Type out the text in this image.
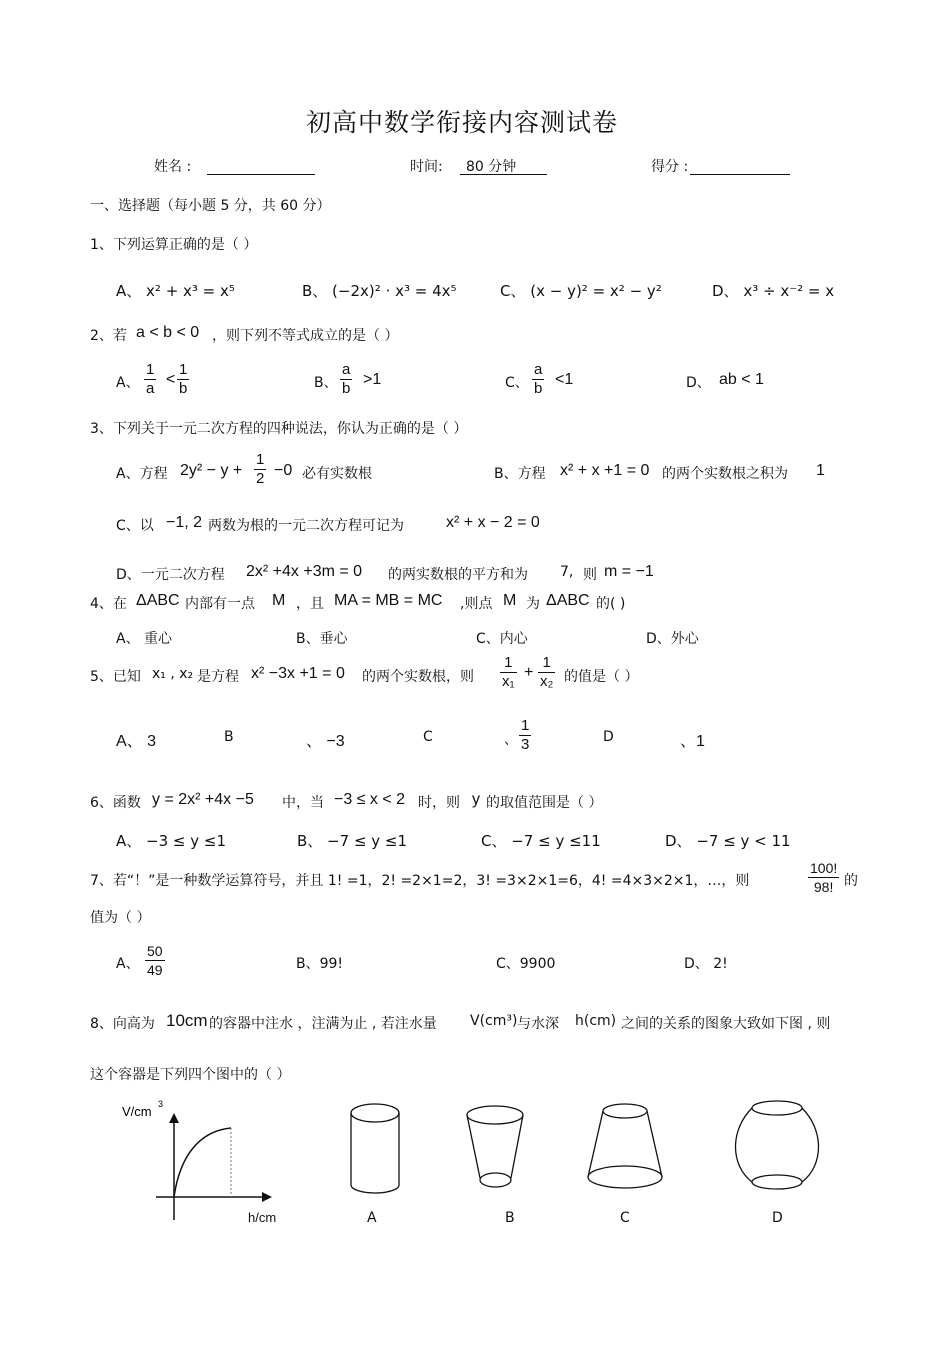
初高中数学衔接内容测试卷
姓名 :	时间: 80 分钟	得分 :
一、选择题（每小题 5 分，共 60 分）
1、下列运算正确的是（ ）
A、 x² + x³ = x⁵	B、 (−2x)² · x³ = 4x⁵	C、 (x − y)² = x² − y²	D、 x³ ÷ x⁻² = x
2、若 a < b < 0 ，则下列不等式成立的是（ ）
A、 $\frac{1}{a} < \frac{1}{b}$	B、 $\frac{a}{b} >1$	C、 $\frac{a}{b} <1$	D、 ab < 1
3、下列关于一元二次方程的四种说法，你认为正确的是（ ）
A、方程 $2y^2 - y + \frac{1}{2} -0$ 必有实数根	B、方程 x² + x +1 = 0 的两个实数根之积为 1
C、以 −1, 2 两数为根的一元二次方程可记为	x² + x − 2 = 0
D、一元二次方程 2x² +4x +3m = 0 的两实数根的平方和为 7, 则 m = −1
4、在 ΔABC 内部有一点 M ，且 MA = MB = MC ,则点 M 为 ΔABC 的( )
A、 重心	B、垂心	C、内心	D、外心
5、已知 x₁ , x₂ 是方程 x² −3x +1 = 0 的两个实数根，则 $\frac{1}{\text{x₁}} + \frac{1}{\text{x₂}}$ 的值是（ ）
A、 3	B	、 −3	C	、 $\frac{1}{3}$	D	、1
6、函数 y = 2x² +4x −5 中，当 −3 ≤ x < 2 时，则 y 的取值范围是（ ）
A、 −3 ≤ y ≤1	B、 −7 ≤ y ≤1	C、 −7 ≤ y ≤11	D、 −7 ≤ y < 11
7、若“！”是一种数学运算符号，并且 1! =1，2! =2×1=2，3! =3×2×1=6，4! =4×3×2×1，…，则	$\frac{100!}{98!}$ 的
值为（ ）
A、 $\frac{50}{49}$	B、99!	C、9900	D、 2!
8、向高为 10cm 的容器中注水 ，注满为止 , 若注水量 V(cm³) 与水深 h(cm) 之间的关系的图象大致如下图 , 则
这个容器是下列四个图中的（ ）
V/cm 3
h/cm	A	B	C	D
